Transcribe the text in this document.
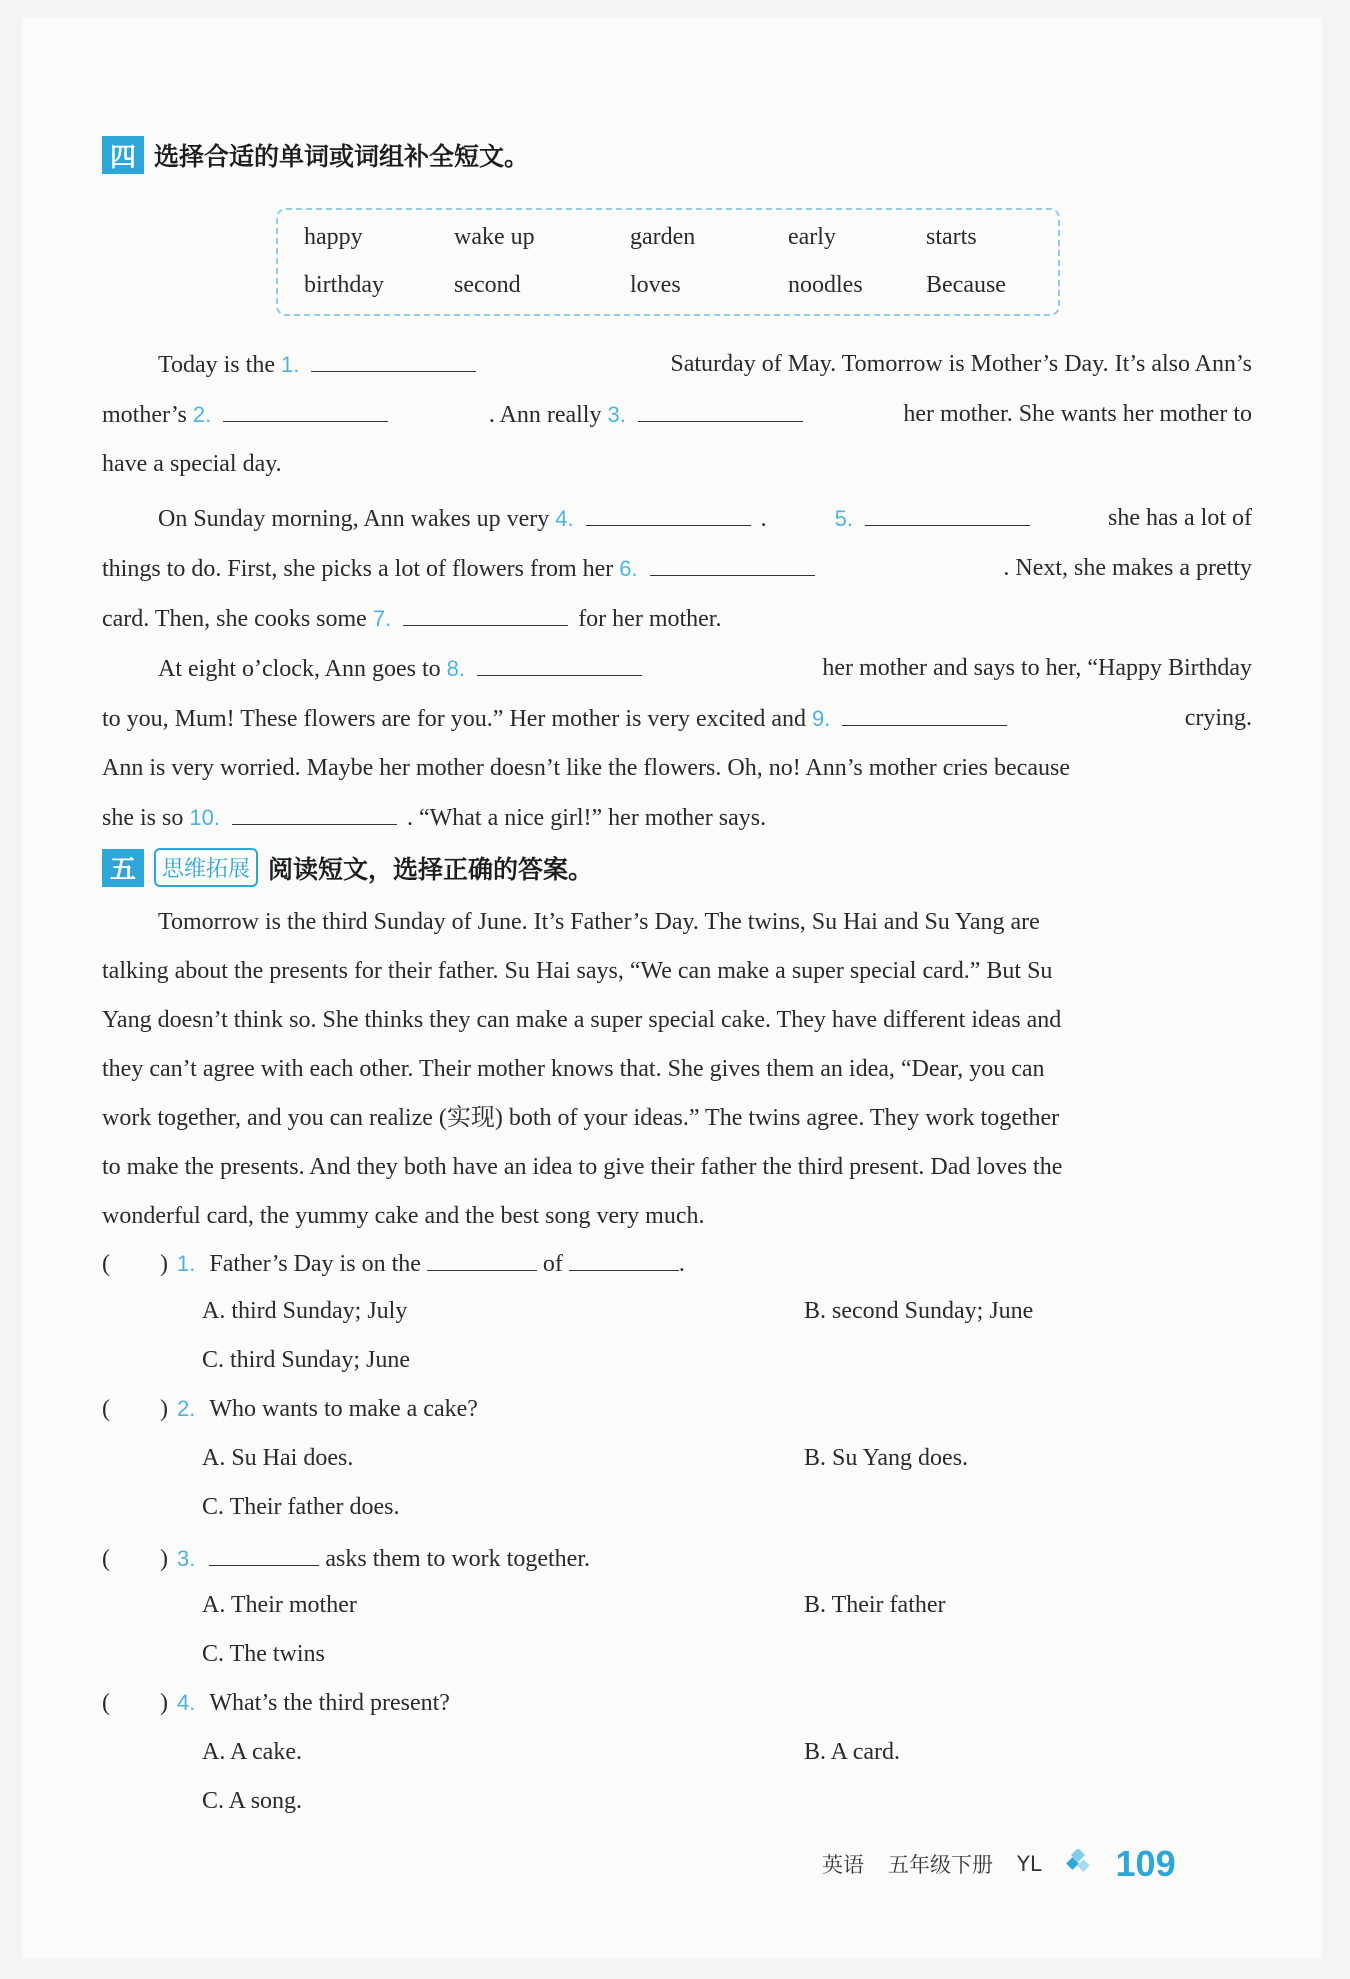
四 选择合适的单词或词组补全短文。
happy	wake up	garden	early	starts
birthday	second	loves	noodles	Because
Today is the 1.	Saturday of May. Tomorrow is Mother’s Day. It’s also Ann’s
mother’s 2.	. Ann really 3.	her mother. She wants her mother to
have a special day.
On Sunday morning, Ann wakes up very 4.	.	5.	she has a lot of
things to do. First, she picks a lot of flowers from her 6.	. Next, she makes a pretty
card. Then, she cooks some 7.	for her mother.
At eight o’clock, Ann goes to 8.	her mother and says to her, “Happy Birthday
to you, Mum! These flowers are for you.” Her mother is very excited and 9.	crying.
Ann is very worried. Maybe her mother doesn’t like the flowers. Oh, no! Ann’s mother cries because
she is so 10.	. “What a nice girl!” her mother says.
五	思维拓展 阅读短文，选择正确的答案。
Tomorrow is the third Sunday of June. It’s Father’s Day. The twins, Su Hai and Su Yang are
talking about the presents for their father. Su Hai says, “We can make a super special card.” But Su
Yang doesn’t think so. She thinks they can make a super special cake. They have different ideas and
they can’t agree with each other. Their mother knows that. She gives them an idea, “Dear, you can
work together, and you can realize (实现) both of your ideas.” The twins agree. They work together
to make the presents. And they both have an idea to give their father the third present. Dad loves the
wonderful card, the yummy cake and the best song very much.
( ) 1. Father’s Day is on the	of	.
A. third Sunday; July	B. second Sunday; June
C. third Sunday; June
( ) 2. Who wants to make a cake?
A. Su Hai does.	B. Su Yang does.
C. Their father does.
( ) 3.	asks them to work together.
A. Their mother	B. Their father
C. The twins
( ) 4. What’s the third present?
A. A cake.	B. A card.
C. A song.
英语 五年级下册 YL 109
